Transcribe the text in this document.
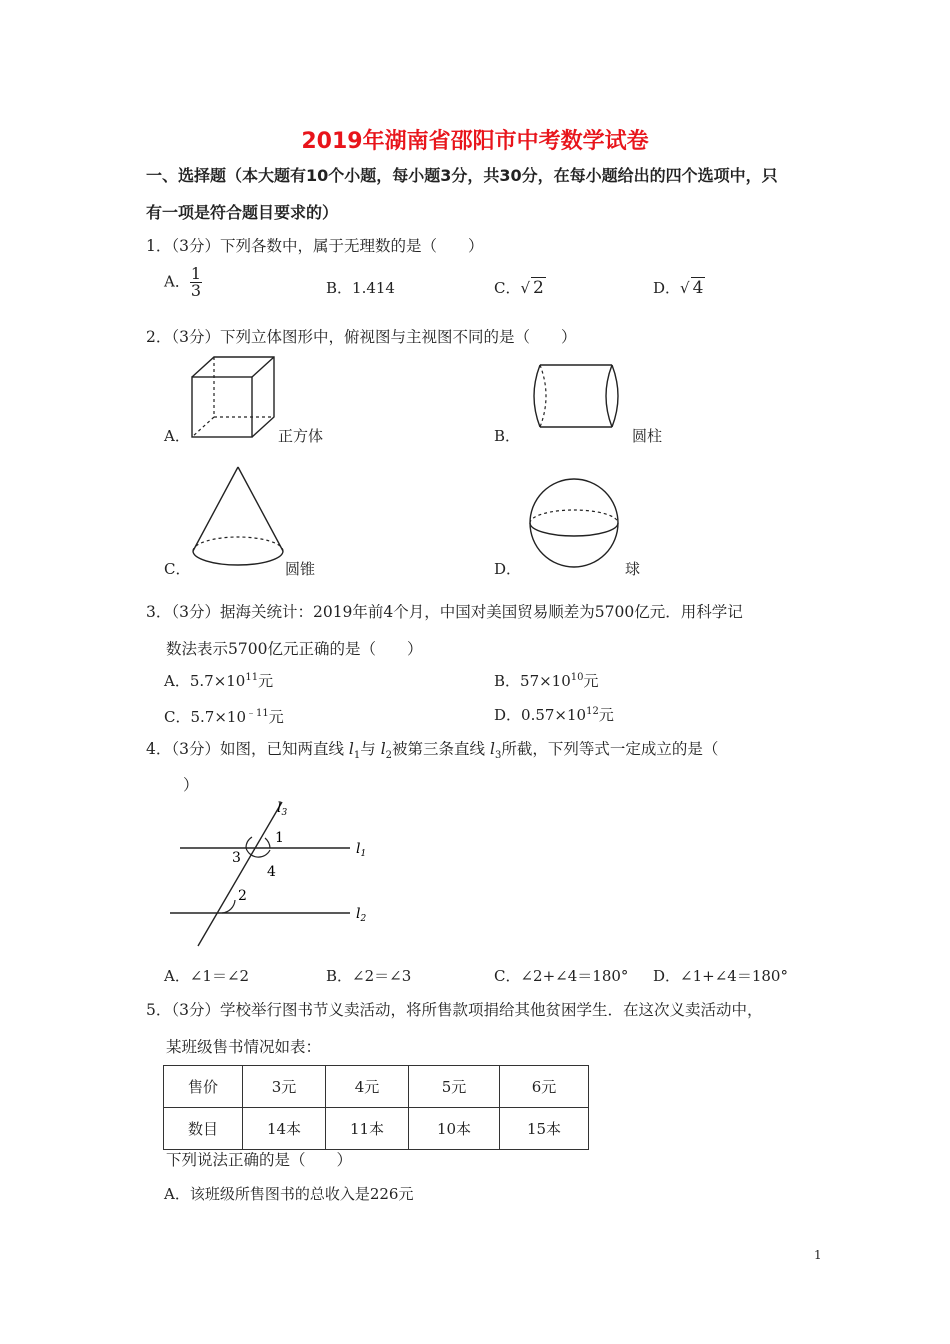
2019年湖南省邵阳市中考数学试卷
一、选择题（本大题有10个小题，每小题3分，共30分，在每小题给出的四个选项中，只
有一项是符合题目要求的）
1．（3分）下列各数中，属于无理数的是（　　）
A． $\frac{1}{3}$	B．1.414	C．√ 2	D．√ 4
2．（3分）下列立体图形中，俯视图与主视图不同的是（　　）
A．	正方体	B．	圆柱
C．	圆锥	D．	球
3．（3分）据海关统计：2019年前4个月，中国对美国贸易顺差为5700亿元．用科学记
数法表示5700亿元正确的是（　　）
A．$5.7\times 10^{11}$元	B．$57\times 10^{10}$元
C．$5.7\times 10^{﹣11}$元	D．$0.57\times 10^{12}$元
4．（3分）如图，已知两直线 $l_1$与 $l_2$被第三条直线 $l_3$所截，下列等式一定成立的是（
）
$l_3$
$l_1$
$l_2$
1
2
3
4
A．∠1＝∠2	B．∠2＝∠3	C．∠2+∠4＝180° D．∠1+∠4＝180°
5．（3分）学校举行图书节义卖活动，将所售款项捐给其他贫困学生．在这次义卖活动中，
某班级售书情况如表：
售价	3元	4元	5元	6元
数目	14本	11本	10本	15本
下列说法正确的是（　　）
A．该班级所售图书的总收入是226元
1
